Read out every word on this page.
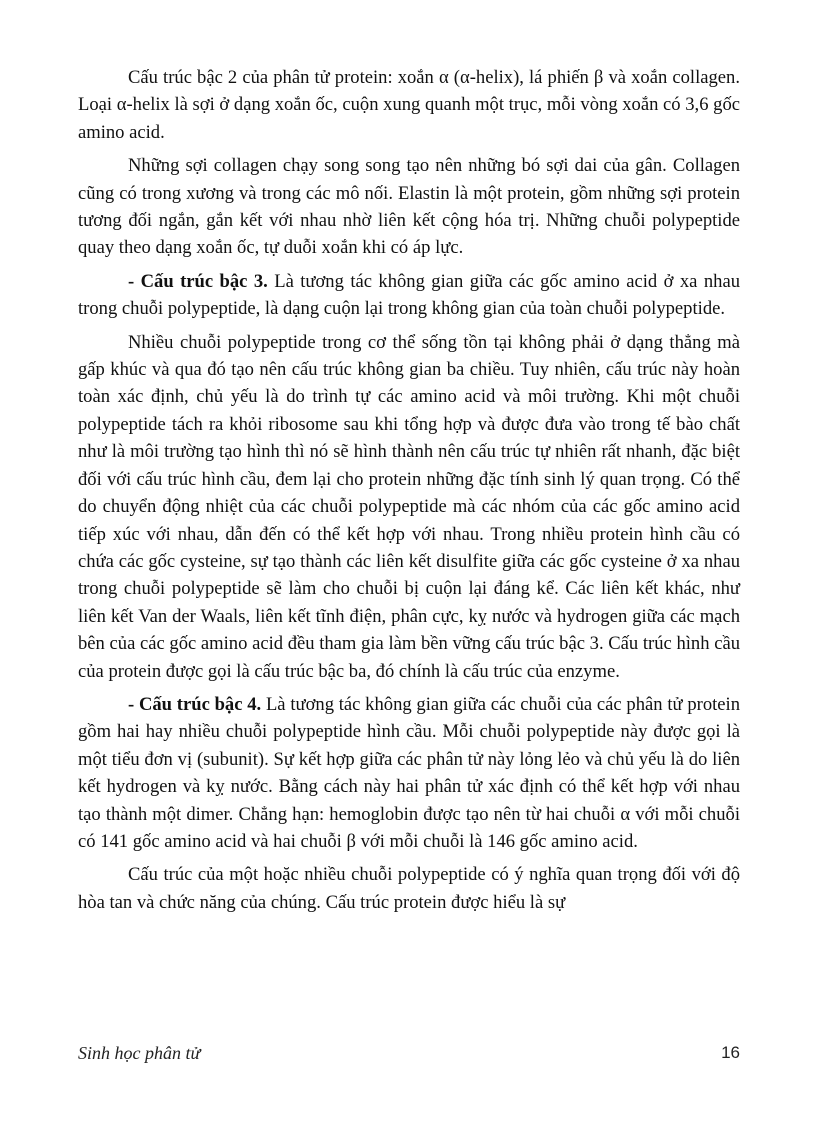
Cấu trúc bậc 2 của phân tử protein: xoắn α (α-helix), lá phiến β và xoắn collagen. Loại α-helix là sợi ở dạng xoắn ốc, cuộn xung quanh một trục, mỗi vòng xoắn có 3,6 gốc amino acid.

Những sợi collagen chạy song song tạo nên những bó sợi dai của gân. Collagen cũng có trong xương và trong các mô nối. Elastin là một protein, gồm những sợi protein tương đối ngắn, gắn kết với nhau nhờ liên kết cộng hóa trị. Những chuỗi polypeptide quay theo dạng xoắn ốc, tự duỗi xoắn khi có áp lực.

- Cấu trúc bậc 3. Là tương tác không gian giữa các gốc amino acid ở xa nhau trong chuỗi polypeptide, là dạng cuộn lại trong không gian của toàn chuỗi polypeptide.

Nhiều chuỗi polypeptide trong cơ thể sống tồn tại không phải ở dạng thẳng mà gấp khúc và qua đó tạo nên cấu trúc không gian ba chiều. Tuy nhiên, cấu trúc này hoàn toàn xác định, chủ yếu là do trình tự các amino acid và môi trường. Khi một chuỗi polypeptide tách ra khỏi ribosome sau khi tổng hợp và được đưa vào trong tế bào chất như là môi trường tạo hình thì nó sẽ hình thành nên cấu trúc tự nhiên rất nhanh, đặc biệt đối với cấu trúc hình cầu, đem lại cho protein những đặc tính sinh lý quan trọng. Có thể do chuyển động nhiệt của các chuỗi polypeptide mà các nhóm của các gốc amino acid tiếp xúc với nhau, dẫn đến có thể kết hợp với nhau. Trong nhiều protein hình cầu có chứa các gốc cysteine, sự tạo thành các liên kết disulfite giữa các gốc cysteine ở xa nhau trong chuỗi polypeptide sẽ làm cho chuỗi bị cuộn lại đáng kể. Các liên kết khác, như liên kết Van der Waals, liên kết tĩnh điện, phân cực, kỵ nước và hydrogen giữa các mạch bên của các gốc amino acid đều tham gia làm bền vững cấu trúc bậc 3. Cấu trúc hình cầu của protein được gọi là cấu trúc bậc ba, đó chính là cấu trúc của enzyme.

- Cấu trúc bậc 4. Là tương tác không gian giữa các chuỗi của các phân tử protein gồm hai hay nhiều chuỗi polypeptide hình cầu. Mỗi chuỗi polypeptide này được gọi là một tiểu đơn vị (subunit). Sự kết hợp giữa các phân tử này lỏng lẻo và chủ yếu là do liên kết hydrogen và kỵ nước. Bằng cách này hai phân tử xác định có thể kết hợp với nhau tạo thành một dimer. Chẳng hạn: hemoglobin được tạo nên từ hai chuỗi α với mỗi chuỗi có 141 gốc amino acid và hai chuỗi β với mỗi chuỗi là 146 gốc amino acid.

Cấu trúc của một hoặc nhiều chuỗi polypeptide có ý nghĩa quan trọng đối với độ hòa tan và chức năng của chúng. Cấu trúc protein được hiểu là sự

Sinh học phân tử	16
